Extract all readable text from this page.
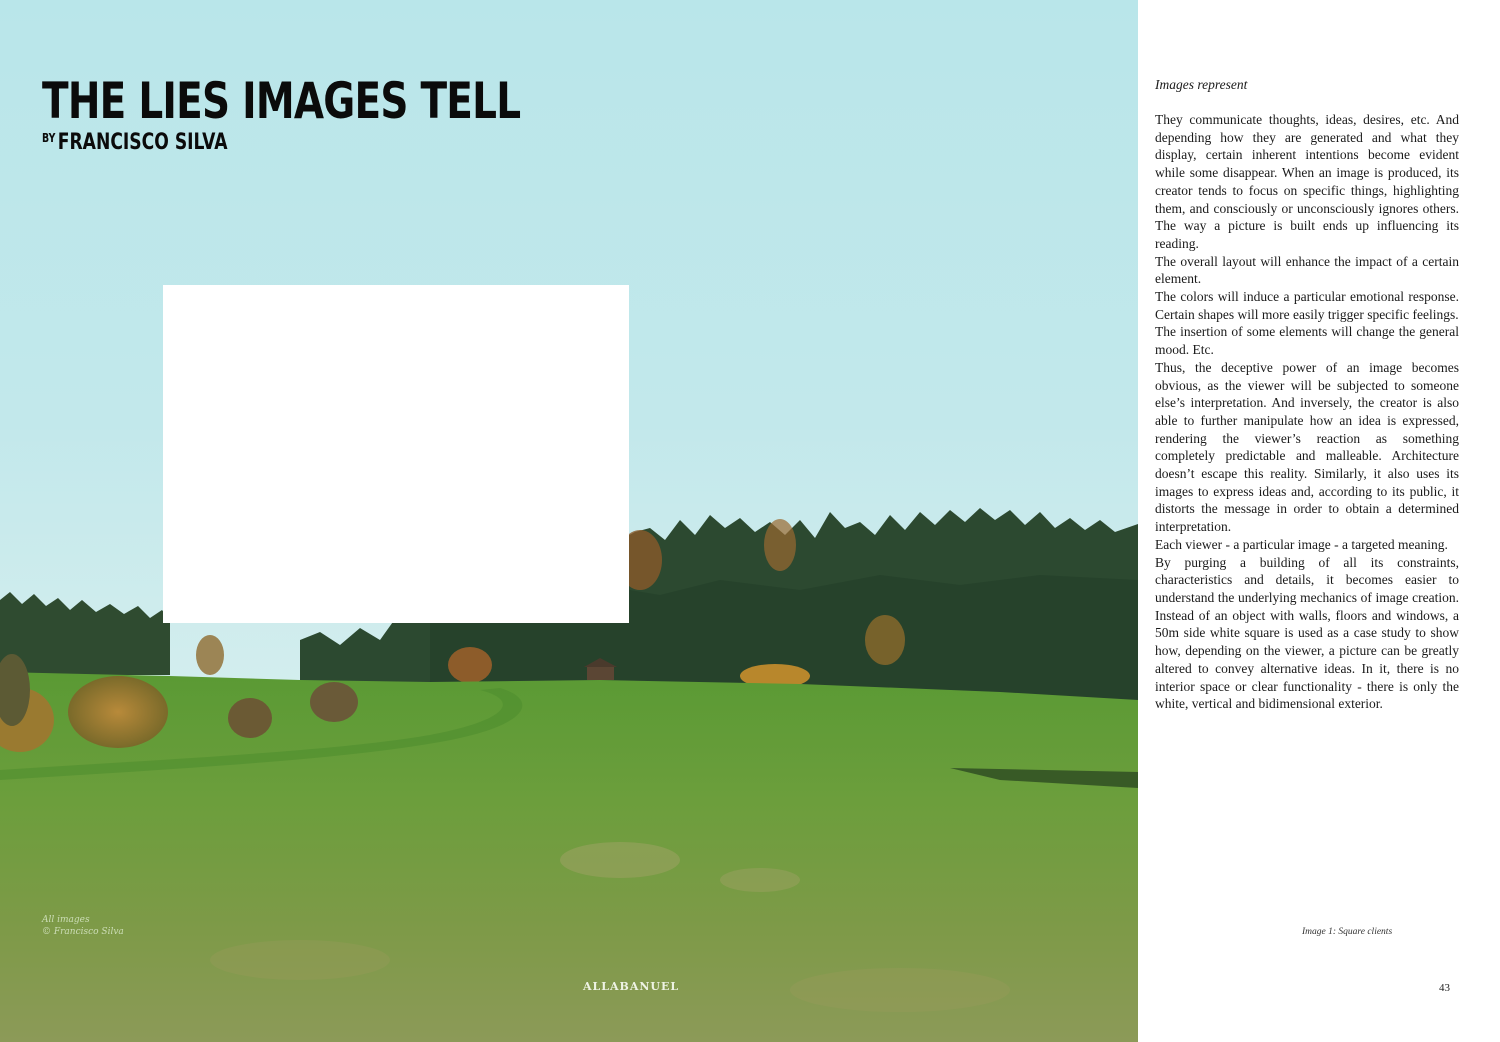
THE LIES IMAGES TELL
$^{BY}$ FRANCISCO SILVA
All images
© Francisco Silva
ALLABANUEL
Images represent

They communicate thoughts, ideas, desires, etc. And depending how they are generated and what they display, certain inherent intentions become evident while some disappear. When an image is produced, its creator tends to focus on specific things, highlighting them, and consciously or unconsciously ignores others. The way a picture is built ends up influencing its reading.

The overall layout will enhance the impact of a certain element.

The colors will induce a particular emotional response. Certain shapes will more easily trigger specific feelings.

The insertion of some elements will change the general mood. Etc.

Thus, the deceptive power of an image becomes obvious, as the viewer will be subjected to someone else’s interpretation. And inversely, the creator is also able to further manipulate how an idea is expressed, rendering the viewer’s reaction as something completely predictable and malleable. Architecture doesn’t escape this reality. Similarly, it also uses its images to express ideas and, according to its public, it distorts the message in order to obtain a determined interpretation.

Each viewer - a particular image - a targeted meaning.

By purging a building of all its constraints, characteristics and details, it becomes easier to understand the underlying mechanics of image creation. Instead of an object with walls, floors and windows, a 50m side white square is used as a case study to show how, depending on the viewer, a picture can be greatly altered to convey alternative ideas. In it, there is no interior space or clear functionality - there is only the white, vertical and bidimensional exterior.

Image 1: Square clients
43
